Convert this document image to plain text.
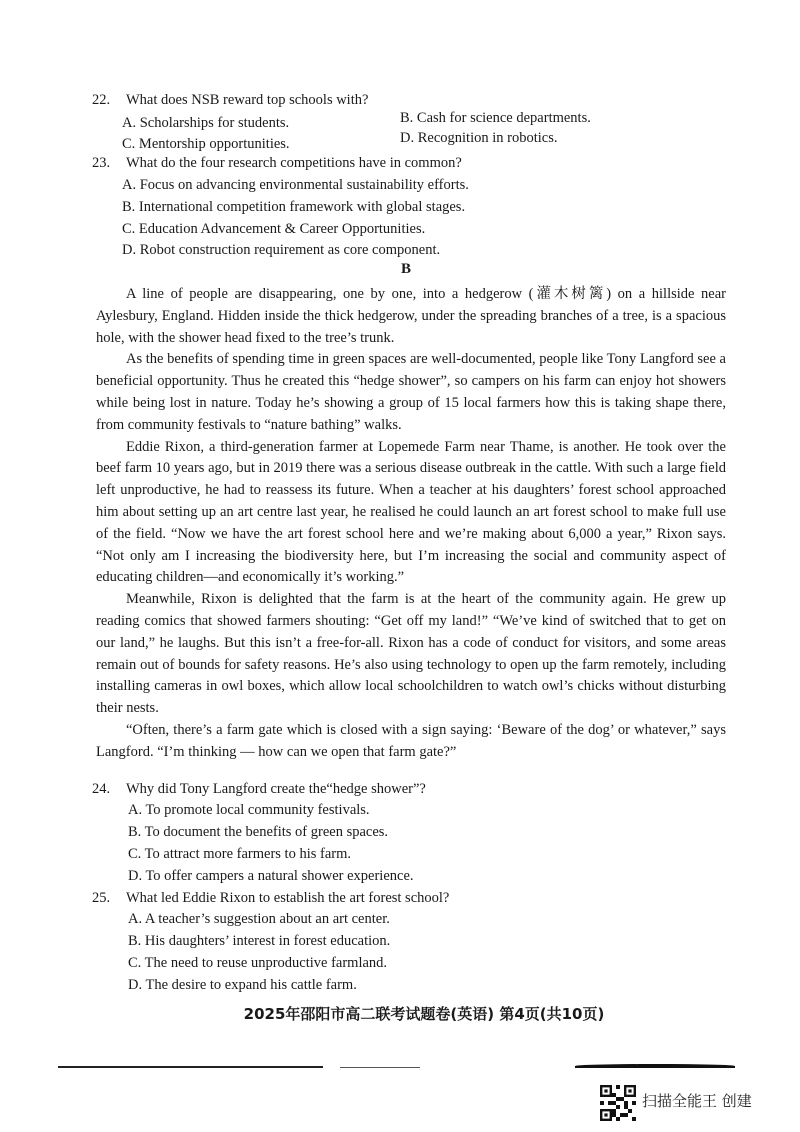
22. What does NSB reward top schools with?
A. Scholarships for students.	B. Cash for science departments.
C. Mentorship opportunities.	D. Recognition in robotics.
23. What do the four research competitions have in common?
A. Focus on advancing environmental sustainability efforts.
B. International competition framework with global stages.
C. Education Advancement & Career Opportunities.
D. Robot construction requirement as core component.
B

A line of people are disappearing, one by one, into a hedgerow (灌木树篱) on a hillside near Aylesbury, England. Hidden inside the thick hedgerow, under the spreading branches of a tree, is a spacious hole, with the shower head fixed to the tree’s trunk.

As the benefits of spending time in green spaces are well-documented, people like Tony Langford see a beneficial opportunity. Thus he created this “hedge shower”, so campers on his farm can enjoy hot showers while being lost in nature. Today he’s showing a group of 15 local farmers how this is taking shape there, from community festivals to “nature bathing” walks.

Eddie Rixon, a third-generation farmer at Lopemede Farm near Thame, is another. He took over the beef farm 10 years ago, but in 2019 there was a serious disease outbreak in the cattle. With such a large field left unproductive, he had to reassess its future. When a teacher at his daughters’ forest school approached him about setting up an art centre last year, he realised he could launch an art forest school to make full use of the field. “Now we have the art forest school here and we’re making about 6,000 a year,” Rixon says. “Not only am I increasing the biodiversity here, but I’m increasing the social and community aspect of educating children—and economically it’s working.”

Meanwhile, Rixon is delighted that the farm is at the heart of the community again. He grew up reading comics that showed farmers shouting: “Get off my land!” “We’ve kind of switched that to get on our land,” he laughs. But this isn’t a free-for-all. Rixon has a code of conduct for visitors, and some areas remain out of bounds for safety reasons. He’s also using technology to open up the farm remotely, including installing cameras in owl boxes, which allow local schoolchildren to watch owl’s chicks without disturbing their nests.

“Often, there’s a farm gate which is closed with a sign saying: ‘Beware of the dog’ or whatever,” says Langford. “I’m thinking — how can we open that farm gate?”

24. Why did Tony Langford create the“hedge shower”?
A. To promote local community festivals.
B. To document the benefits of green spaces.
C. To attract more farmers to his farm.
D. To offer campers a natural shower experience.
25. What led Eddie Rixon to establish the art forest school?
A. A teacher’s suggestion about an art center.
B. His daughters’ interest in forest education.
C. The need to reuse unproductive farmland.
D. The desire to expand his cattle farm.
2025年邵阳市高二联考试题卷(英语) 第4页(共10页)
扫描全能王 创建
